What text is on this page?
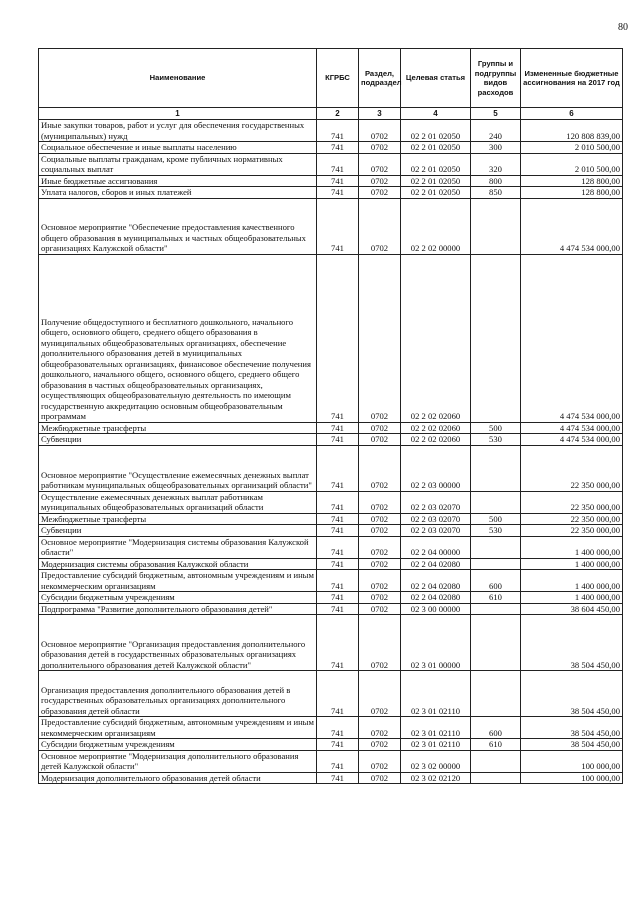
80
Наименование	КГРБС	Раздел, подраздел	Целевая статья	Группы и подгруппы видов расходов	Измененные бюджетные ассигнования на 2017 год
1	2	3	4	5	6
Иные закупки товаров, работ и услуг для обеспечения государственных (муниципальных) нужд	741	0702	02 2 01 02050	240	120 808 839,00
Социальное обеспечение и иные выплаты населению	741	0702	02 2 01 02050	300	2 010 500,00
Социальные выплаты гражданам, кроме публичных нормативных социальных выплат	741	0702	02 2 01 02050	320	2 010 500,00
Иные бюджетные ассигнования	741	0702	02 2 01 02050	800	128 800,00
Уплата налогов, сборов и иных платежей	741	0702	02 2 01 02050	850	128 800,00
Основное мероприятие "Обеспечение предоставления качественного общего образования в муниципальных и частных общеобразовательных организациях Калужской области"	741	0702	02 2 02 00000		4 474 534 000,00
Получение общедоступного и бесплатного дошкольного, начального общего, основного общего, среднего общего образования в муниципальных общеобразовательных организациях, обеспечение дополнительного образования детей в муниципальных общеобразовательных организациях, финансовое обеспечение получения дошкольного, начального общего, основного общего, среднего общего образования в частных общеобразовательных организациях, осуществляющих общеобразовательную деятельность по имеющим государственную аккредитацию основным общеобразовательным программам	741	0702	02 2 02 02060		4 474 534 000,00
Межбюджетные трансферты	741	0702	02 2 02 02060	500	4 474 534 000,00
Субвенции	741	0702	02 2 02 02060	530	4 474 534 000,00
Основное мероприятие "Осуществление ежемесячных денежных выплат работникам муниципальных общеобразовательных организаций области"	741	0702	02 2 03 00000		22 350 000,00
Осуществление ежемесячных денежных выплат работникам муниципальных общеобразовательных организаций области	741	0702	02 2 03 02070		22 350 000,00
Межбюджетные трансферты	741	0702	02 2 03 02070	500	22 350 000,00
Субвенции	741	0702	02 2 03 02070	530	22 350 000,00
Основное мероприятие "Модернизация системы образования Калужской области"	741	0702	02 2 04 00000		1 400 000,00
Модернизация системы образования Калужской области	741	0702	02 2 04 02080		1 400 000,00
Предоставление субсидий бюджетным, автономным учреждениям и иным некоммерческим организациям	741	0702	02 2 04 02080	600	1 400 000,00
Субсидии бюджетным учреждениям	741	0702	02 2 04 02080	610	1 400 000,00
Подпрограмма "Развитие дополнительного образования детей"	741	0702	02 3 00 00000		38 604 450,00
Основное мероприятие "Организация предоставления дополнительного образования детей в государственных образовательных организациях дополнительного образования детей Калужской области"	741	0702	02 3 01 00000		38 504 450,00
Организация предоставления дополнительного образования детей в государственных образовательных организациях дополнительного образования детей области	741	0702	02 3 01 02110		38 504 450,00
Предоставление субсидий бюджетным, автономным учреждениям и иным некоммерческим организациям	741	0702	02 3 01 02110	600	38 504 450,00
Субсидии бюджетным учреждениям	741	0702	02 3 01 02110	610	38 504 450,00
Основное мероприятие "Модернизация дополнительного образования детей Калужской области"	741	0702	02 3 02 00000		100 000,00
Модернизация дополнительного образования детей области	741	0702	02 3 02 02120		100 000,00
